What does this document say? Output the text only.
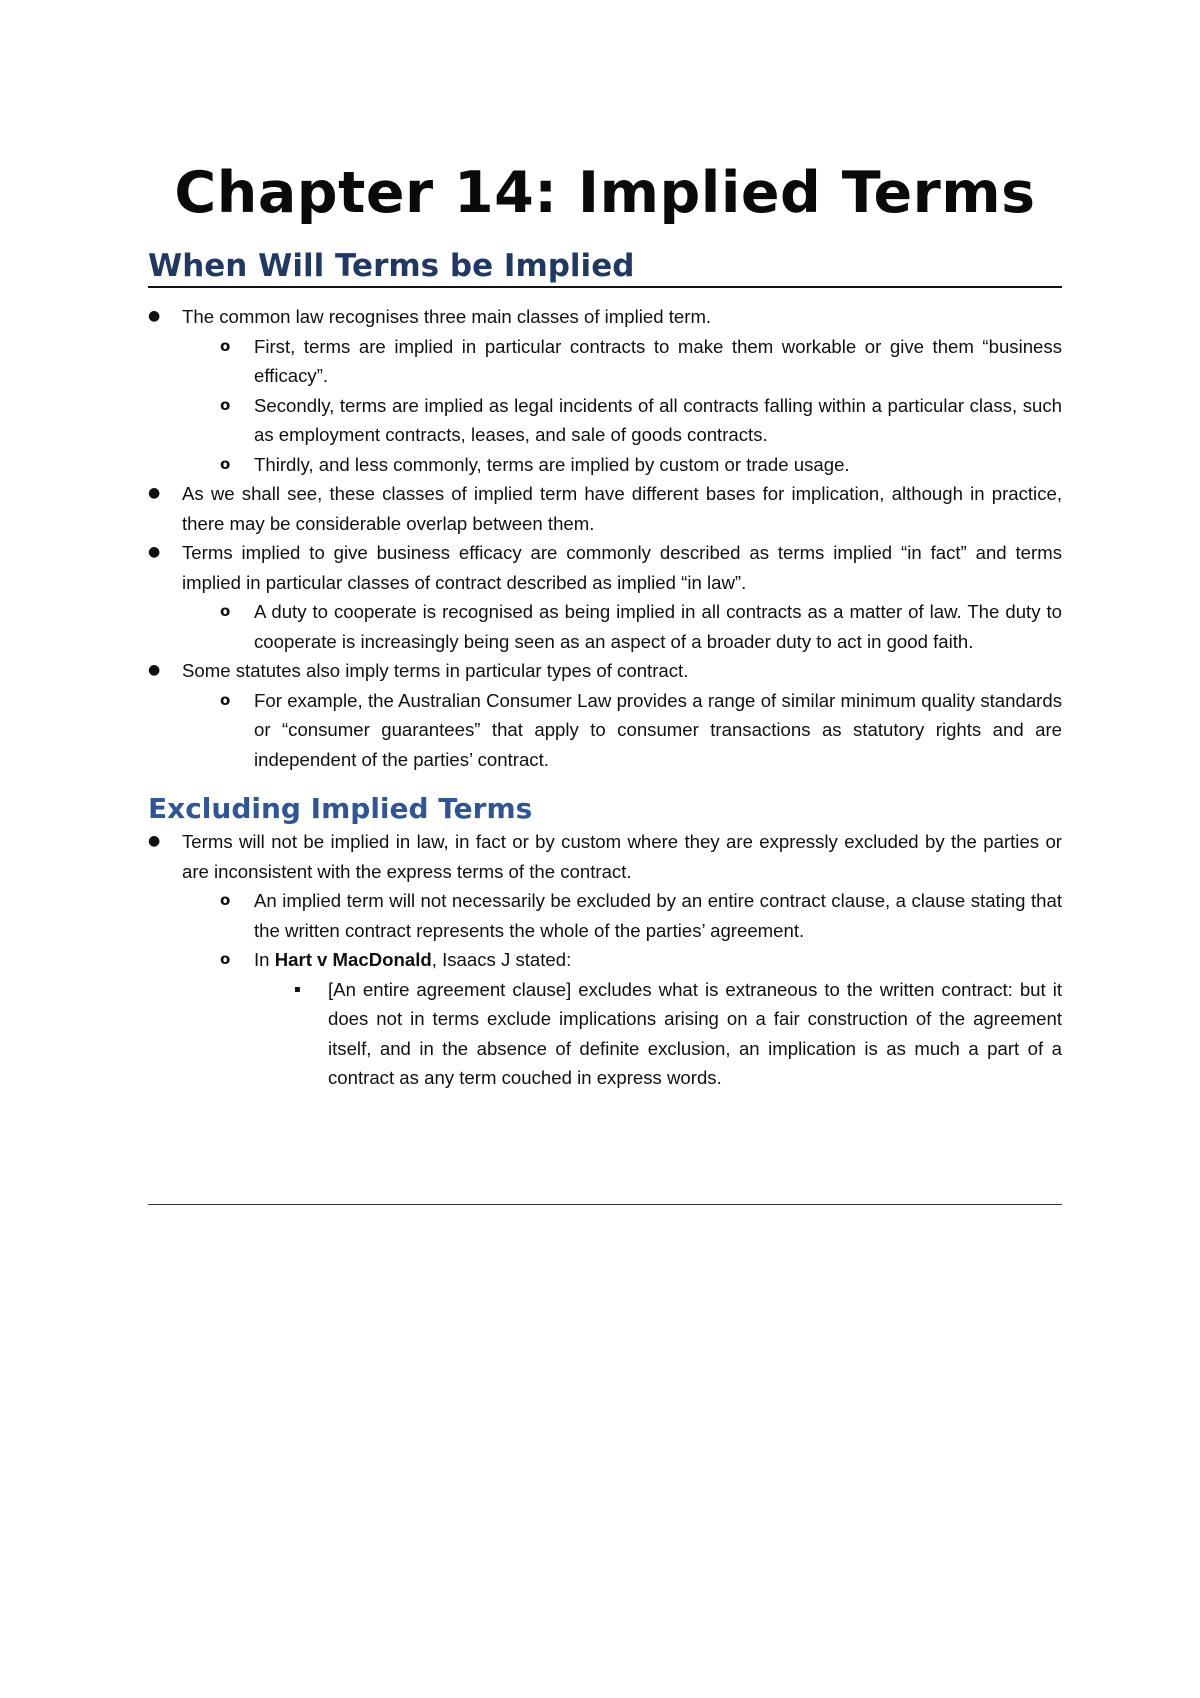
Chapter 14: Implied Terms
When Will Terms be Implied
● The common law recognises three main classes of implied term.
o First, terms are implied in particular contracts to make them workable or give them “business efficacy”.
o Secondly, terms are implied as legal incidents of all contracts falling within a particular class, such as employment contracts, leases, and sale of goods contracts.
o Thirdly, and less commonly, terms are implied by custom or trade usage.
● As we shall see, these classes of implied term have different bases for implication, although in practice, there may be considerable overlap between them.
● Terms implied to give business efficacy are commonly described as terms implied “in fact” and terms implied in particular classes of contract described as implied “in law”.
o A duty to cooperate is recognised as being implied in all contracts as a matter of law. The duty to cooperate is increasingly being seen as an aspect of a broader duty to act in good faith.
● Some statutes also imply terms in particular types of contract.
o For example, the Australian Consumer Law provides a range of similar minimum quality standards or “consumer guarantees” that apply to consumer transactions as statutory rights and are independent of the parties’ contract.
Excluding Implied Terms
● Terms will not be implied in law, in fact or by custom where they are expressly excluded by the parties or are inconsistent with the express terms of the contract.
o An implied term will not necessarily be excluded by an entire contract clause, a clause stating that the written contract represents the whole of the parties’ agreement.
o In Hart v MacDonald, Isaacs J stated:
▪ [An entire agreement clause] excludes what is extraneous to the written contract: but it does not in terms exclude implications arising on a fair construction of the agreement itself, and in the absence of definite exclusion, an implication is as much a part of a contract as any term couched in express words.
